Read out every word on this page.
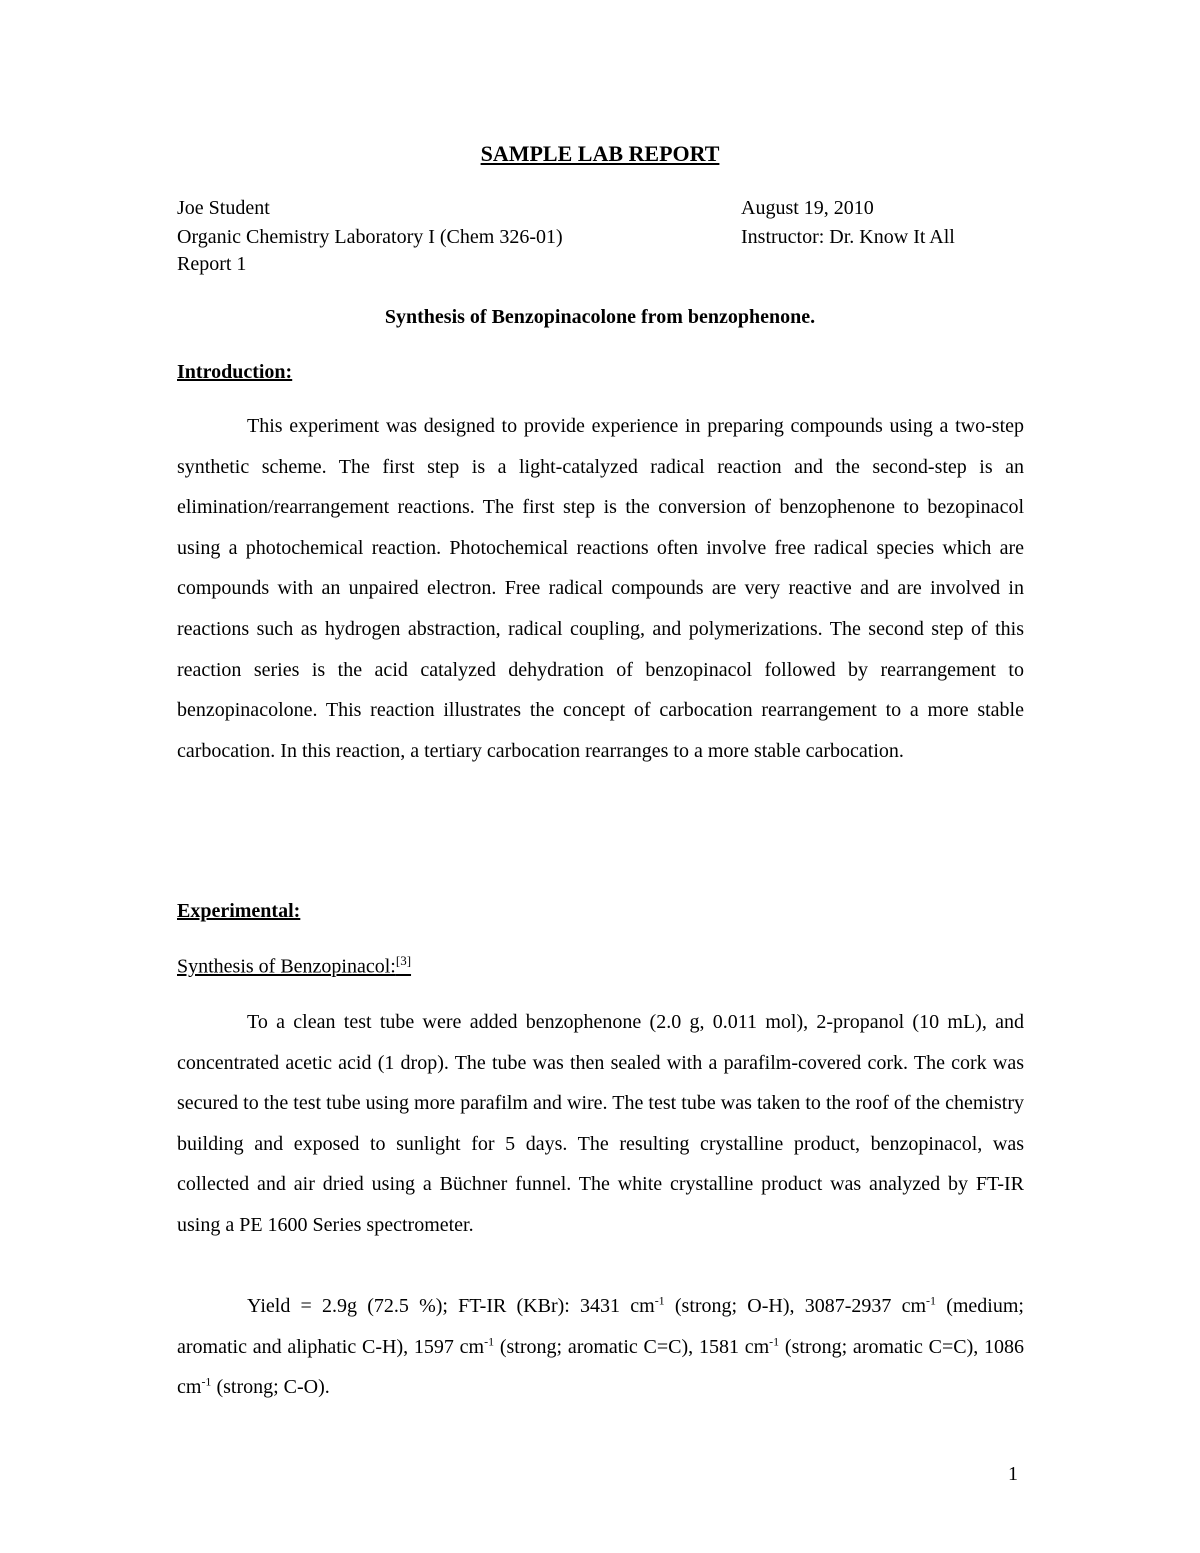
SAMPLE LAB REPORT

Joe Student	August 19, 2010

Organic Chemistry Laboratory I (Chem 326-01)	Instructor: Dr. Know It All

Report 1

Synthesis of Benzopinacolone from benzophenone.
Introduction:

This experiment was designed to provide experience in preparing compounds using a two-step synthetic scheme. The first step is a light-catalyzed radical reaction and the second-step is an elimination/rearrangement reactions. The first step is the conversion of benzophenone to bezopinacol using a photochemical reaction. Photochemical reactions often involve free radical species which are compounds with an unpaired electron. Free radical compounds are very reactive and are involved in reactions such as hydrogen abstraction, radical coupling, and polymerizations. The second step of this reaction series is the acid catalyzed dehydration of benzopinacol followed by rearrangement to benzopinacolone. This reaction illustrates the concept of carbocation rearrangement to a more stable carbocation. In this reaction, a tertiary carbocation rearranges to a more stable carbocation.

Experimental:

Synthesis of Benzopinacol:[3]

To a clean test tube were added benzophenone (2.0 g, 0.011 mol), 2-propanol (10 mL), and concentrated acetic acid (1 drop). The tube was then sealed with a parafilm-covered cork. The cork was secured to the test tube using more parafilm and wire. The test tube was taken to the roof of the chemistry building and exposed to sunlight for 5 days. The resulting crystalline product, benzopinacol, was collected and air dried using a Büchner funnel. The white crystalline product was analyzed by FT-IR using a PE 1600 Series spectrometer.

Yield = 2.9g (72.5 %); FT-IR (KBr): 3431 $cm^{-1}$ (strong; O-H), 3087-2937 $cm^{-1}$ (medium; aromatic and aliphatic C-H), 1597 $cm^{-1}$ (strong; aromatic C=C), 1581 $cm^{-1}$ (strong; aromatic C=C), 1086 $cm^{-1}$ (strong; C-O).

1
